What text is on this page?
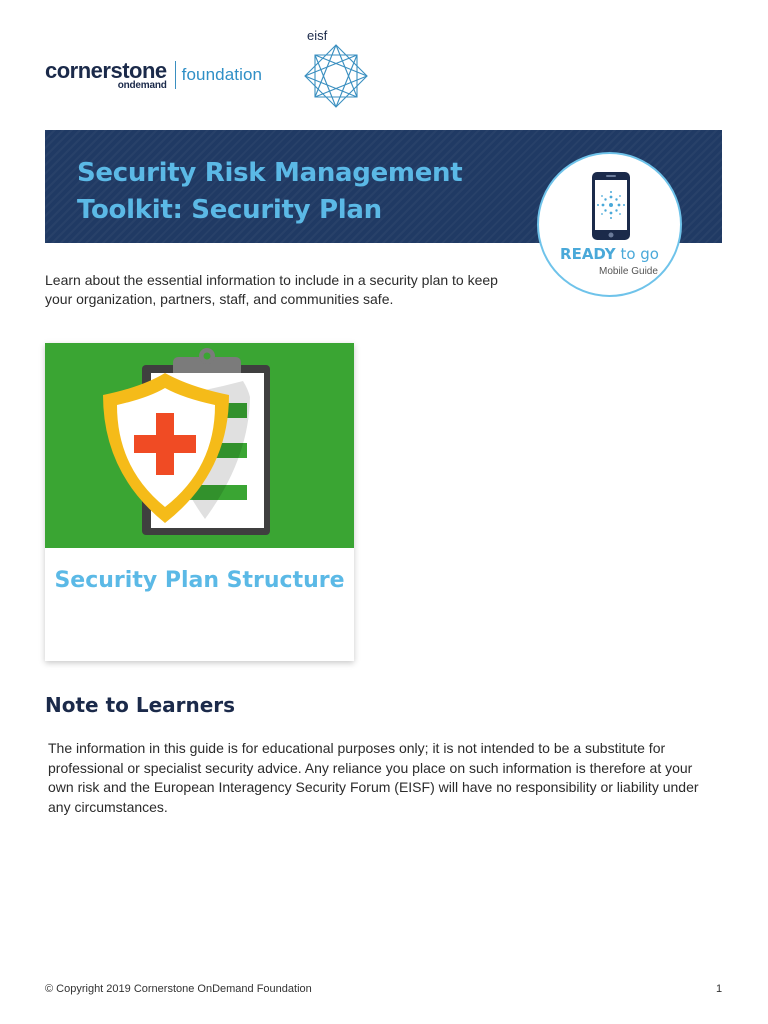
cornerstone
ondemand
foundation
eisf
Security Risk Management Toolkit: Security Plan
READY to go
Mobile Guide
Learn about the essential information to include in a security plan to keep your organization, partners, staff, and communities safe.
Security Plan Structure
Note to Learners
The information in this guide is for educational purposes only; it is not intended to be a substitute for professional or specialist security advice. Any reliance you place on such information is therefore at your own risk and the European Interagency Security Forum (EISF) will have no responsibility or liability under any circumstances.
© Copyright 2019 Cornerstone OnDemand Foundation	1
